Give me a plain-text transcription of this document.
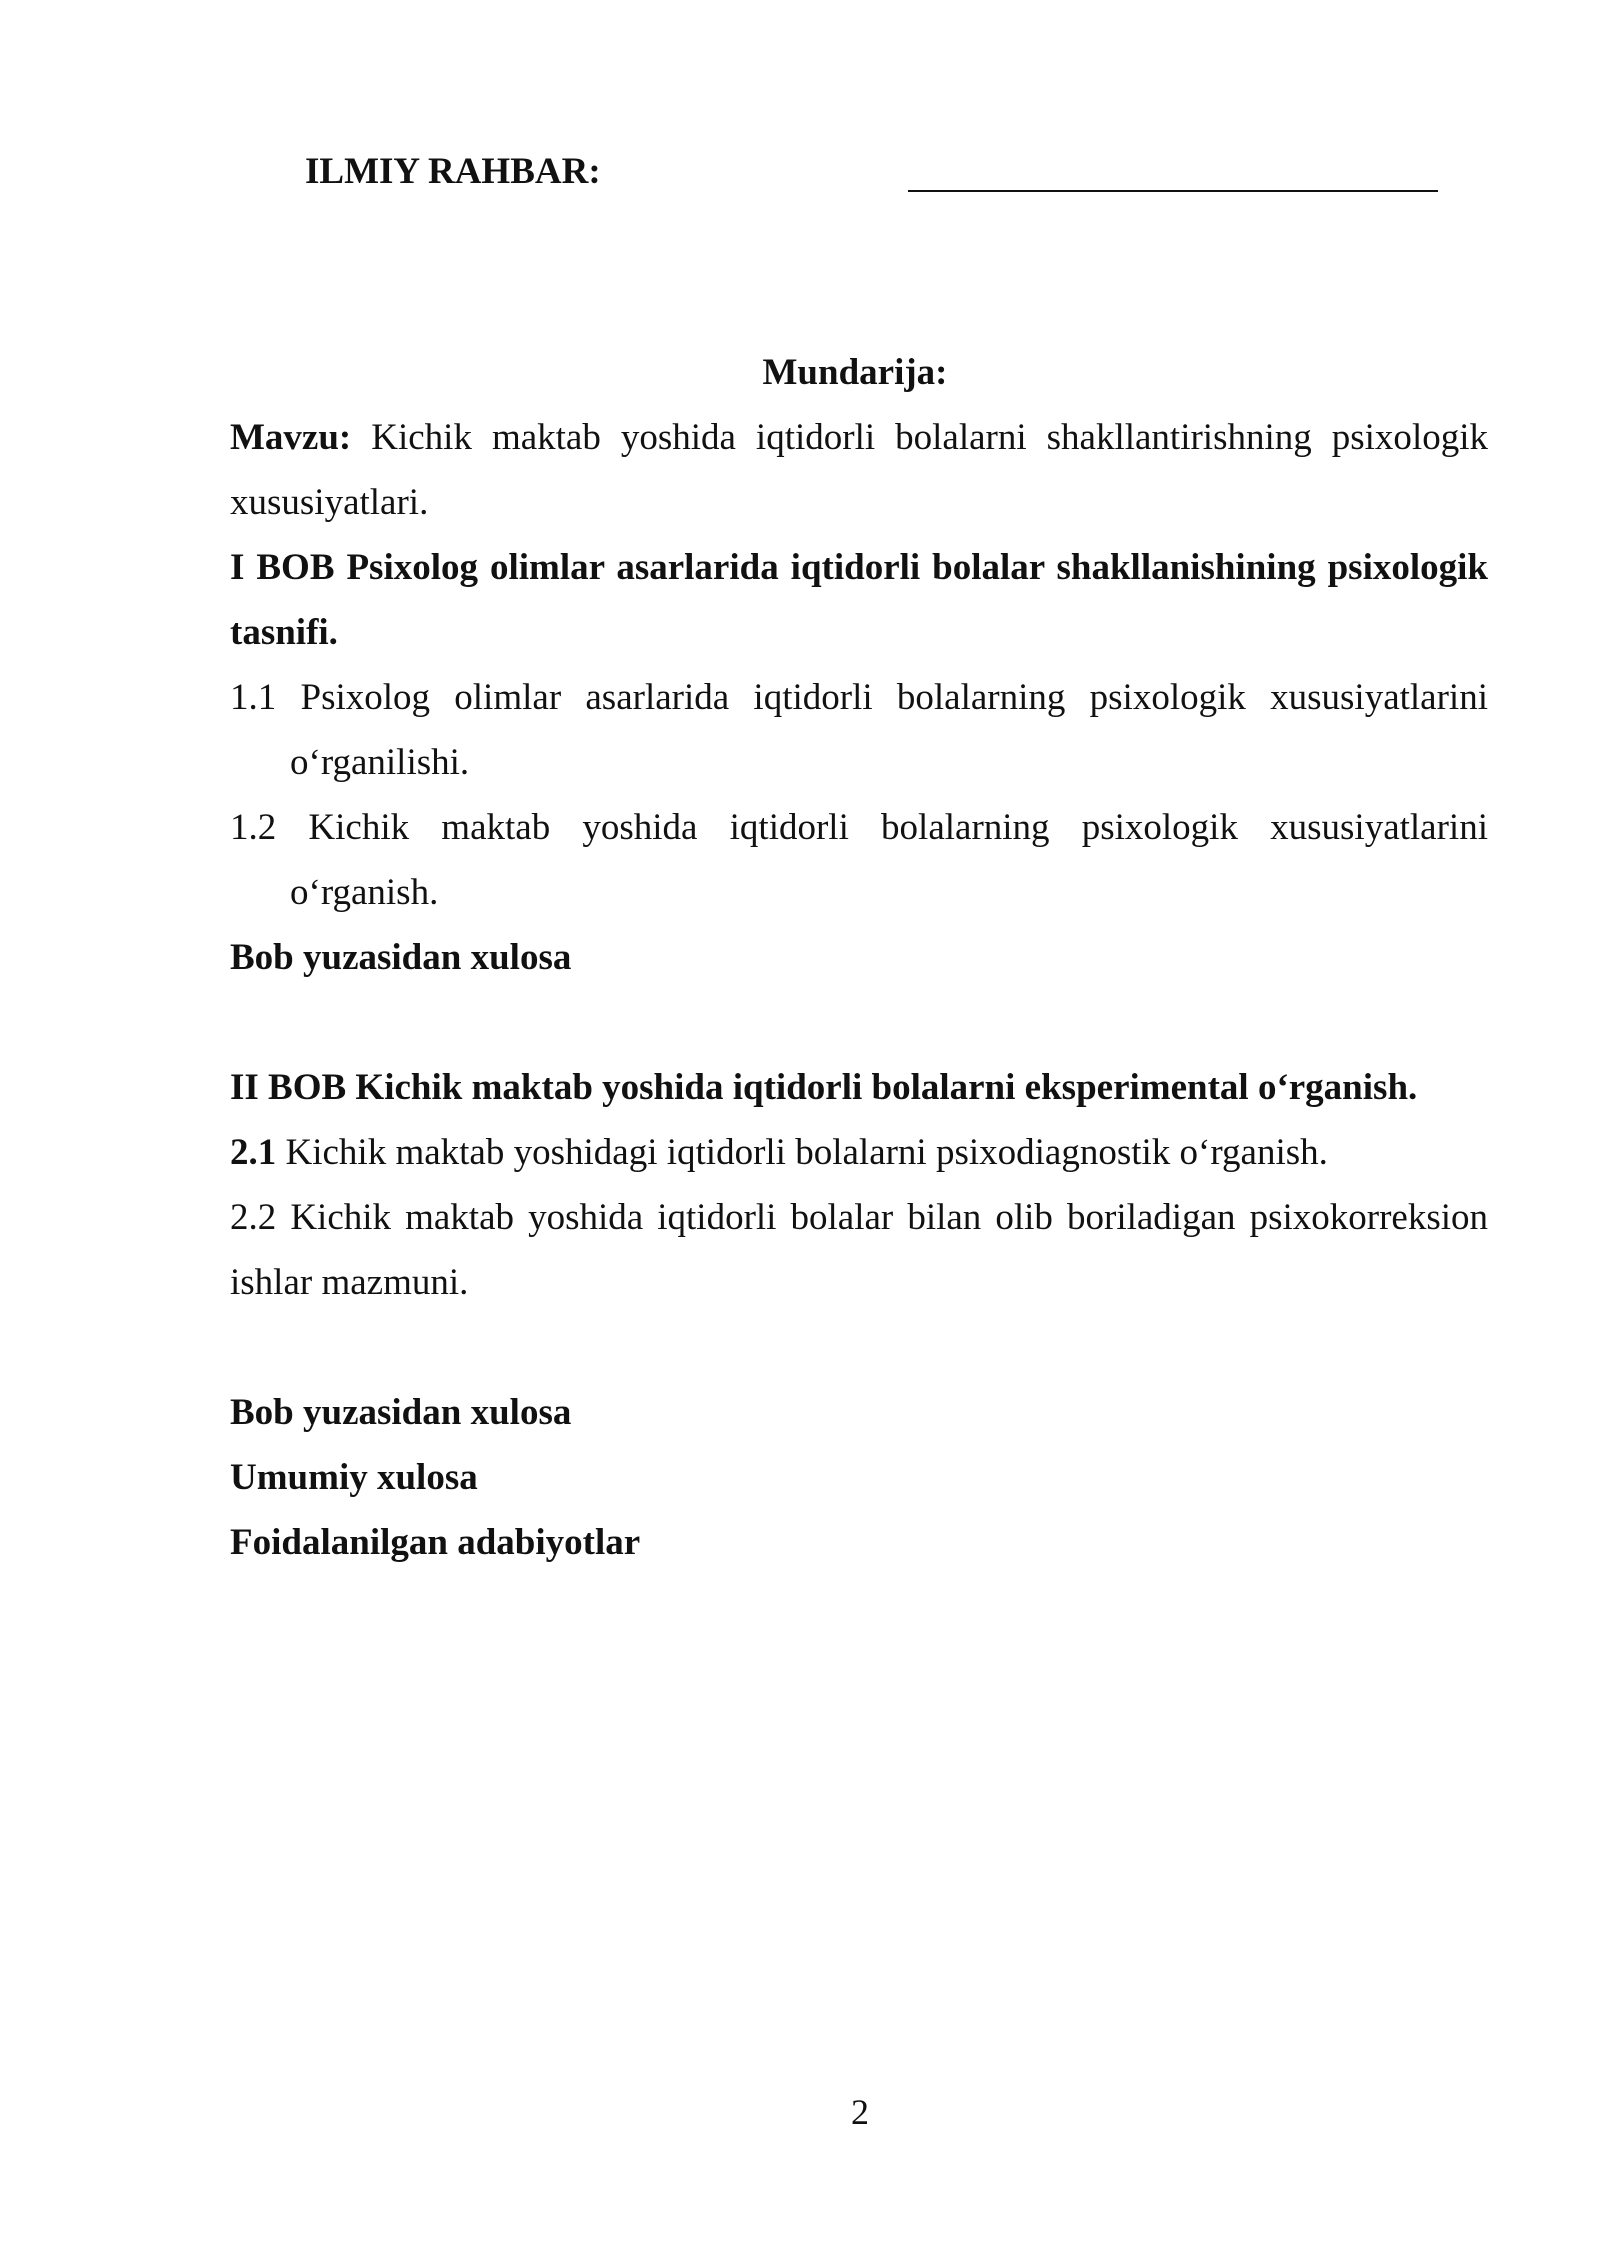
ILMIY RAHBAR:
Mundarija:
Mavzu: Kichik maktab yoshida iqtidorli bolalarni shakllantirishning psixologik
xususiyatlari.
I BOB Psixolog olimlar asarlarida iqtidorli bolalar shakllanishining psixologik
tasnifi.
1.1 Psixolog olimlar asarlarida iqtidorli bolalarning psixologik xususiyatlarini
o‘rganilishi.
1.2 Kichik maktab yoshida iqtidorli bolalarning psixologik xususiyatlarini
o‘rganish.
Bob yuzasidan xulosa
II BOB Kichik maktab yoshida iqtidorli bolalarni eksperimental o‘rganish.
2.1 Kichik maktab yoshidagi iqtidorli bolalarni psixodiagnostik o‘rganish.
2.2 Kichik maktab yoshida iqtidorli bolalar bilan olib boriladigan psixokorreksion
ishlar mazmuni.
Bob yuzasidan xulosa
Umumiy xulosa
Foidalanilgan adabiyotlar
2
